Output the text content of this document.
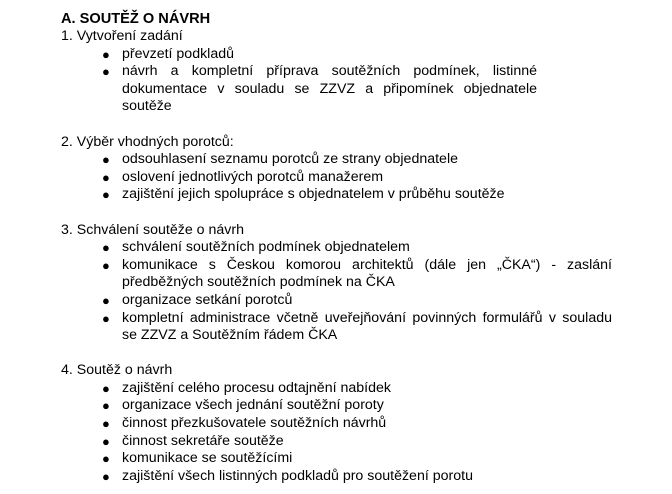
A. SOUTĚŽ O NÁVRH

1. Vytvoření zadání

● převzetí podkladů
● návrh a kompletní příprava soutěžních podmínek, listinné dokumentace v souladu se ZZVZ a připomínek objednatele soutěže

2. Výběr vhodných porotců:

● odsouhlasení seznamu porotců ze strany objednatele
● oslovení jednotlivých porotců manažerem
● zajištění jejich spolupráce s objednatelem v průběhu soutěže

3. Schválení soutěže o návrh

● schválení soutěžních podmínek objednatelem
● komunikace s Českou komorou architektů (dále jen „ČKA“) - zaslání předběžných soutěžních podmínek na ČKA
● organizace setkání porotců
● kompletní administrace včetně uveřejňování povinných formulářů v souladu se ZZVZ a Soutěžním řádem ČKA

4. Soutěž o návrh

● zajištění celého procesu odtajnění nabídek
● organizace všech jednání soutěžní poroty
● činnost přezkušovatele soutěžních návrhů
● činnost sekretáře soutěže
● komunikace se soutěžícími
● zajištění všech listinných podkladů pro soutěžení porotu
